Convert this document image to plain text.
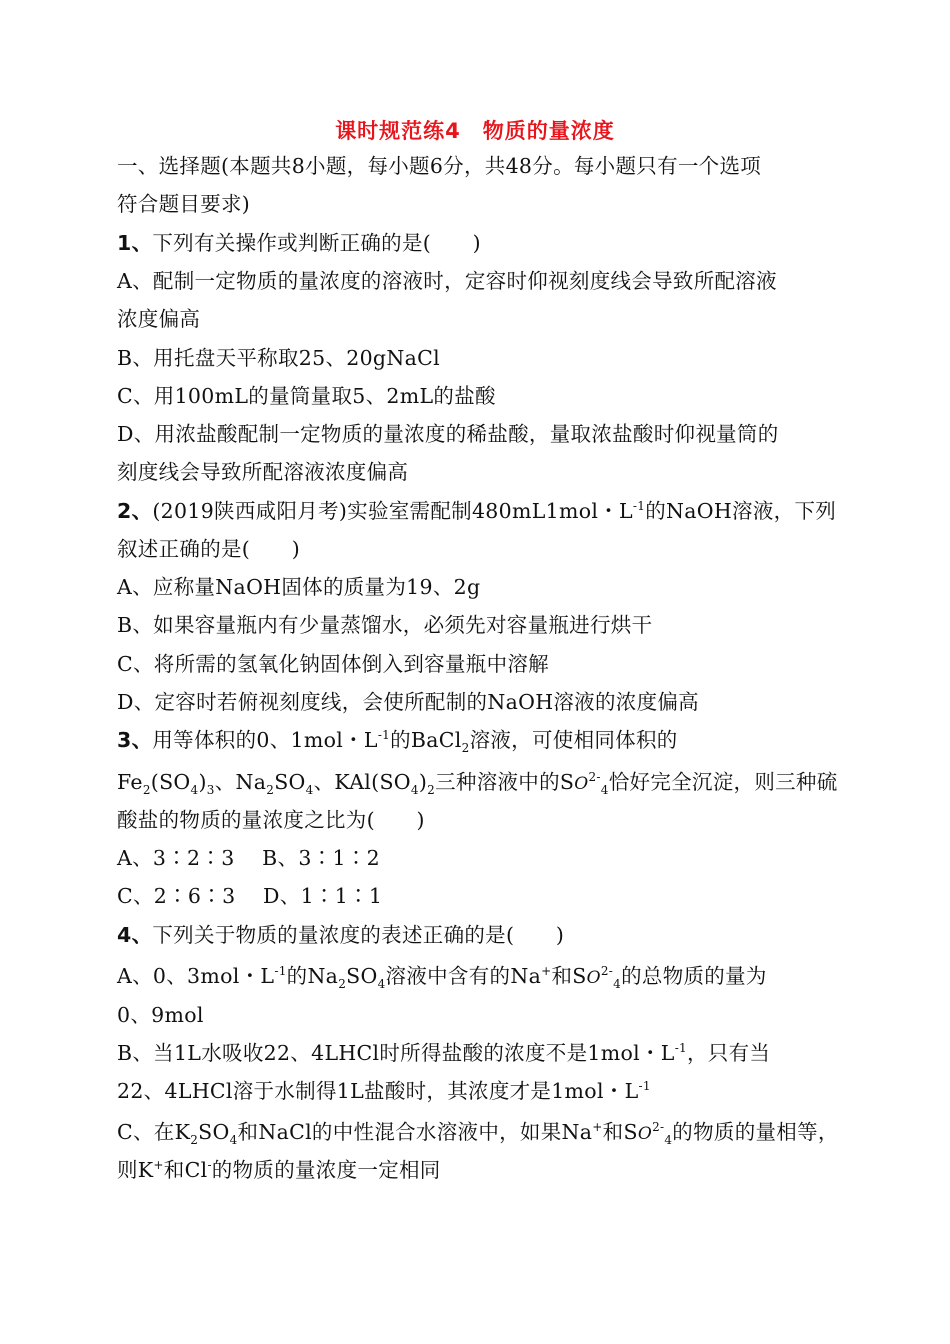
课时规范练4　物质的量浓度
一、选择题(本题共8小题，每小题6分，共48分。每小题只有一个选项
符合题目要求)
1、下列有关操作或判断正确的是(　　)
A、配制一定物质的量浓度的溶液时，定容时仰视刻度线会导致所配溶液
浓度偏高
B、用托盘天平称取25、20gNaCl
C、用100mL的量筒量取5、2mL的盐酸
D、用浓盐酸配制一定物质的量浓度的稀盐酸，量取浓盐酸时仰视量筒的
刻度线会导致所配溶液浓度偏高
2、(2019陕西咸阳月考)实验室需配制480mL1mol・$L^{-1}$的NaOH溶液，下列
叙述正确的是(　　)
A、应称量NaOH固体的质量为19、2g
B、如果容量瓶内有少量蒸馏水，必须先对容量瓶进行烘干
C、将所需的氢氧化钠固体倒入到容量瓶中溶解
D、定容时若俯视刻度线，会使所配制的NaOH溶液的浓度偏高
3、用等体积的0、1mol・$L^{-1}$的BaCl$_2$溶液，可使相同体积的
$Fe_2(SO_4)_3$、$Na_2SO_4$、$KAl(SO_4)_2$三种溶液中的$SO^{2-}_4$恰好完全沉淀，则三种硫
酸盐的物质的量浓度之比为(　　)
A、3∶2∶3　 B、3∶1∶2
C、2∶6∶3　 D、1∶1∶1
4、下列关于物质的量浓度的表述正确的是(　　)
A、0、3mol・$L^{-1}$的$Na_2SO_4$溶液中含有的Na+和$SO^{2-}_4$的总物质的量为
0、9mol
B、当1L水吸收22、4LHCl时所得盐酸的浓度不是1mol・$L^{-1}$，只有当
22、4LHCl溶于水制得1L盐酸时，其浓度才是1mol・$L^{-1}$
C、在$K_2SO_4$和NaCl的中性混合水溶液中，如果Na+和$SO^{2-}_4$的物质的量相等，
则K+和Cl-的物质的量浓度一定相同
